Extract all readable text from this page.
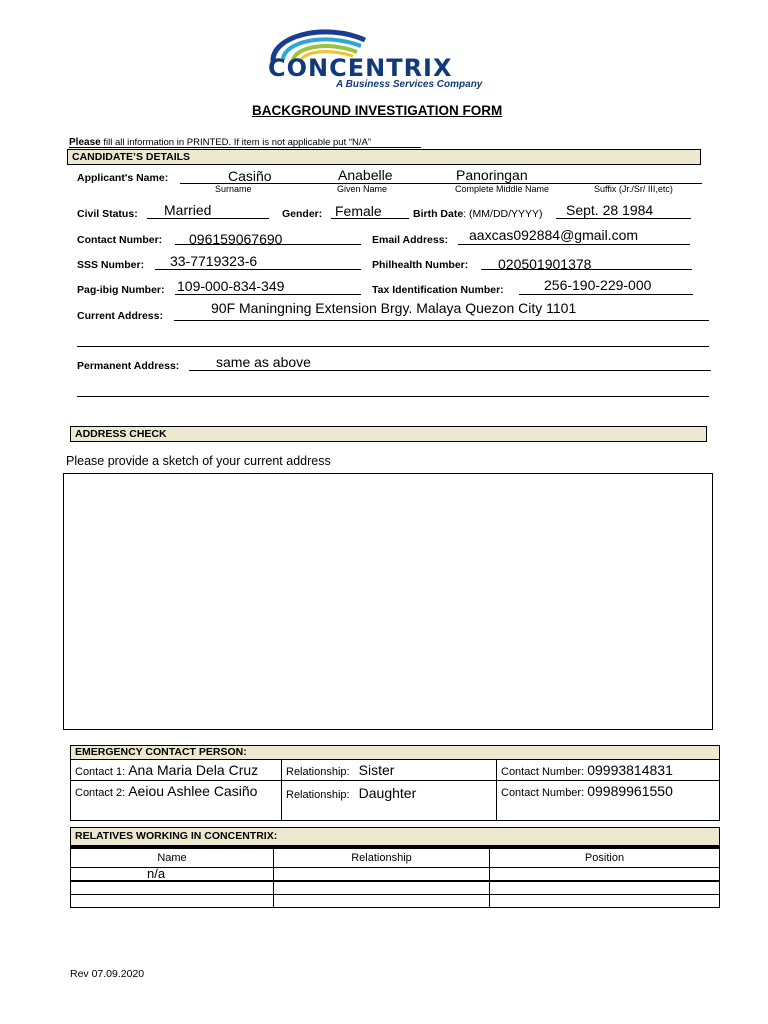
CONCENTRIX
A Business Services Company
BACKGROUND INVESTIGATION FORM
Please fill all information in PRINTED. If item is not applicable put “N/A”
CANDIDATE’S DETAILS
Applicant's Name:	Casiño	Anabelle	Panoringan
Surname	Given Name	Complete Middle Name	Suffix (Jr./Sr/ III,etc)
Civil Status: Married	Gender: Female	Birth Date: (MM/DD/YYYY) Sept. 28 1984
Contact Number: 096159067690	Email Address: aaxcas092884@gmail.com
SSS Number: 33-7719323-6	Philhealth Number: 020501901378
Pag-ibig Number: 109-000-834-349	Tax Identification Number:	256-190-229-000
Current Address:	90F Maningning Extension Brgy. Malaya Quezon City 1101
Permanent Address:	same as above
ADDRESS CHECK
Please provide a sketch of your current address
EMERGENCY CONTACT PERSON:
Contact 1: Ana Maria Dela Cruz	Relationship: Sister	Contact Number: 09993814831
Contact 2: Aeiou Ashlee Casiño	Relationship: Daughter	Contact Number: 09989961550
RELATIVES WORKING IN CONCENTRIX:
Name	Relationship	Position
n/a		

Rev 07.09.2020
